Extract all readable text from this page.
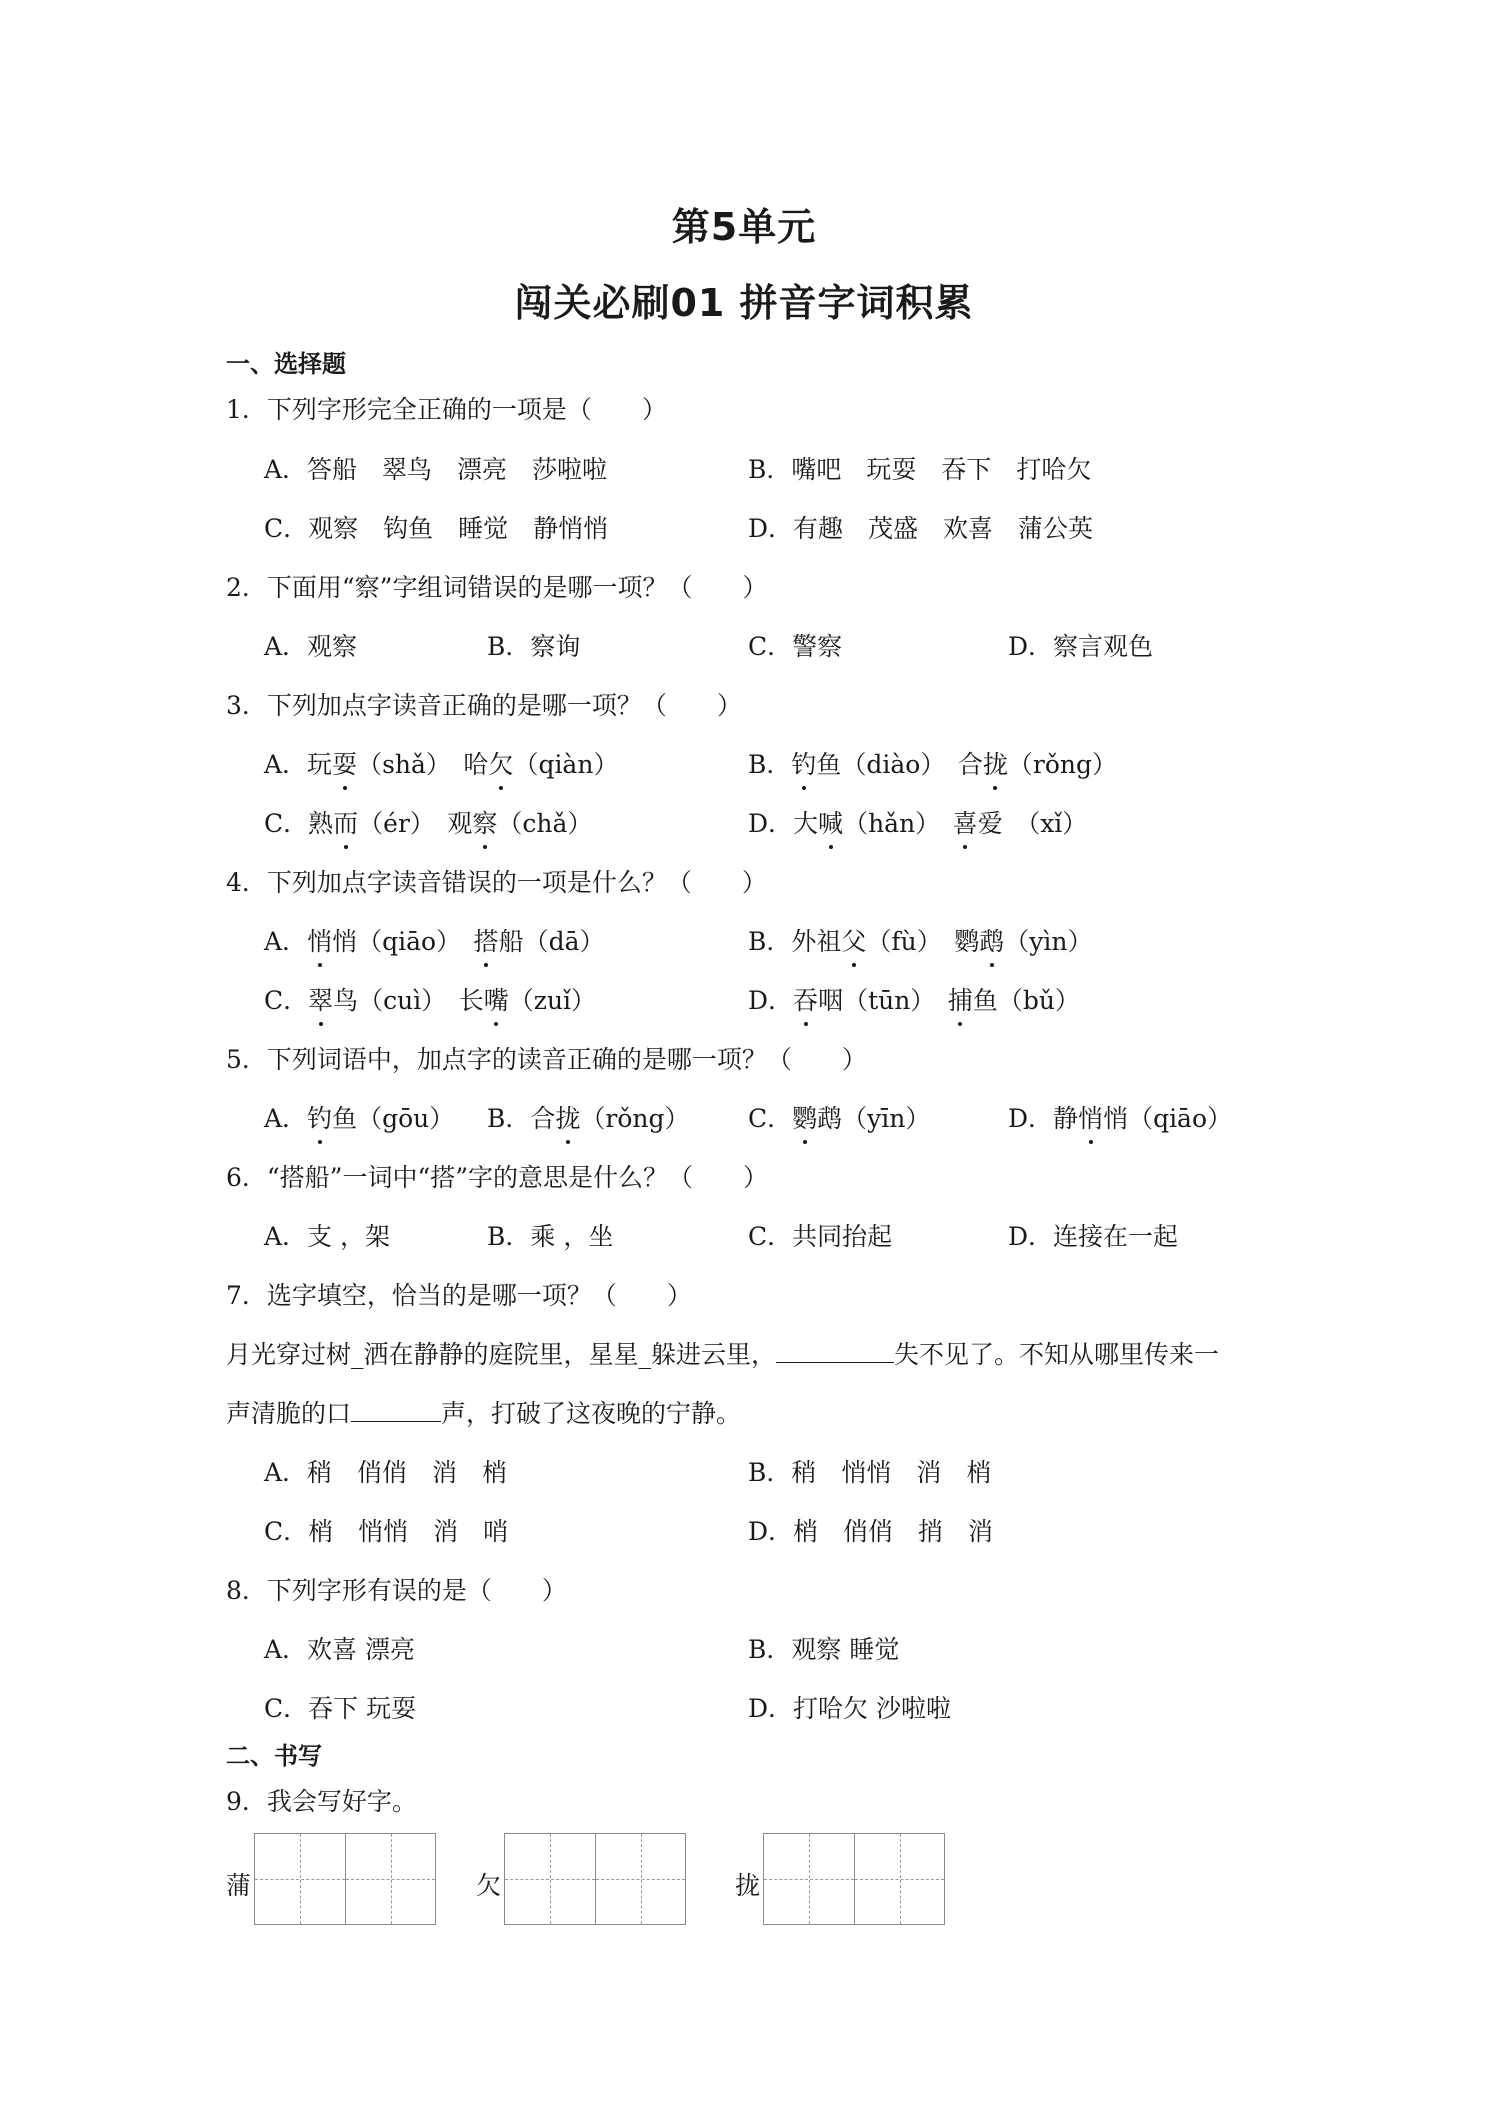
第5单元
闯关必刷01 拼音字词积累
一、选择题
1．下列字形完全正确的一项是（　　）
A．答船　翠鸟　漂亮　莎啦啦	B．嘴吧　玩耍　吞下　打哈欠
C．观察　钩鱼　睡觉　静悄悄	D．有趣　茂盛　欢喜　蒲公英
2．下面用“察”字组词错误的是哪一项？（　　）
A．观察	B．察询	C．警察	D．察言观色
3．下列加点字读音正确的是哪一项？（　　）
A．玩耍（shǎ）　哈欠（qiàn）	B．钓鱼（diào）　合拢（rǒng）
C．熟而（ér）　观察（chǎ）	D．大喊（hǎn）　喜爱　（xǐ）
4．下列加点字读音错误的一项是什么？（　　）
A．悄悄（qiāo）　搭船（dā）	B．外祖父（fù）　鹦鹉（yìn）
C．翠鸟（cuì）　长嘴（zuǐ）	D．吞咽（tūn）　捕鱼（bǔ）
5．下列词语中，加点字的读音正确的是哪一项？（　　）
A．钓鱼（gōu） B．合拢（rǒng） C．鹦鹉（yīn）	D．静悄悄（qiāo）
6．“搭船”一词中“搭”字的意思是什么？（　　）
A．支 ，架	B．乘 ，坐	C．共同抬起	D．连接在一起
7．选字填空，恰当的是哪一项？（　　）
月光穿过树_洒在静静的庭院里，星星_躲进云里，	失不见了。不知从哪里传来一
声清脆的口	声，打破了这夜晚的宁静。
A．稍　俏俏　消　梢	B．稍　悄悄　消　梢
C．梢　悄悄　消　哨	D．梢　俏俏　捎　消
8．下列字形有误的是（　　）
A．欢喜 漂亮	B．观察 睡觉
C．吞下 玩耍	D．打哈欠 沙啦啦
二、书写
9．我会写好字。
蒲	欠	拢
